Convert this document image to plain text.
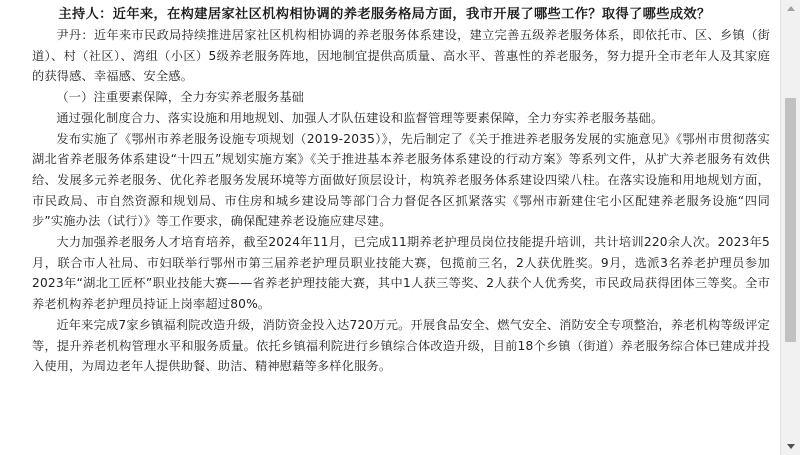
主持人：近年来，在构建居家社区机构相协调的养老服务格局方面，我市开展了哪些工作？取得了哪些成效？

尹丹：近年来市民政局持续推进居家社区机构相协调的养老服务体系建设，建立完善五级养老服务体系，即依托市、区、乡镇（街道）、村（社区）、湾组（小区）5级养老服务阵地，因地制宜提供高质量、高水平、普惠性的养老服务，努力提升全市老年人及其家庭的获得感、幸福感、安全感。

（一）注重要素保障，全力夯实养老服务基础

通过强化制度合力、落实设施和用地规划、加强人才队伍建设和监督管理等要素保障，全力夯实养老服务基础。

发布实施了《鄂州市养老服务设施专项规划（2019-2035）》，先后制定了《关于推进养老服务发展的实施意见》《鄂州市贯彻落实湖北省养老服务体系建设“十四五”规划实施方案》《关于推进基本养老服务体系建设的行动方案》等系列文件，从扩大养老服务有效供给、发展多元养老服务、优化养老服务发展环境等方面做好顶层设计，构筑养老服务体系建设四梁八柱。在落实设施和用地规划方面，市民政局、市自然资源和规划局、市住房和城乡建设局等部门合力督促各区抓紧落实《鄂州市新建住宅小区配建养老服务设施“四同步”实施办法（试行）》等工作要求，确保配建养老设施应建尽建。

大力加强养老服务人才培育培养，截至2024年11月，已完成11期养老护理员岗位技能提升培训，共计培训220余人次。2023年5月，联合市人社局、市妇联举行鄂州市第三届养老护理员职业技能大赛，包揽前三名，2人获优胜奖。9月，选派3名养老护理员参加2023年“湖北工匠杯”职业技能大赛——省养老护理技能大赛，其中1人获三等奖、2人获个人优秀奖，市民政局获得团体三等奖。全市养老机构养老护理员持证上岗率超过80%。

近年来完成7家乡镇福利院改造升级，消防资金投入达720万元。开展食品安全、燃气安全、消防安全专项整治，养老机构等级评定等，提升养老机构管理水平和服务质量。依托乡镇福利院进行乡镇综合体改造升级，目前18个乡镇（街道）养老服务综合体已建成并投入使用，为周边老年人提供助餐、助洁、精神慰藉等多样化服务。
